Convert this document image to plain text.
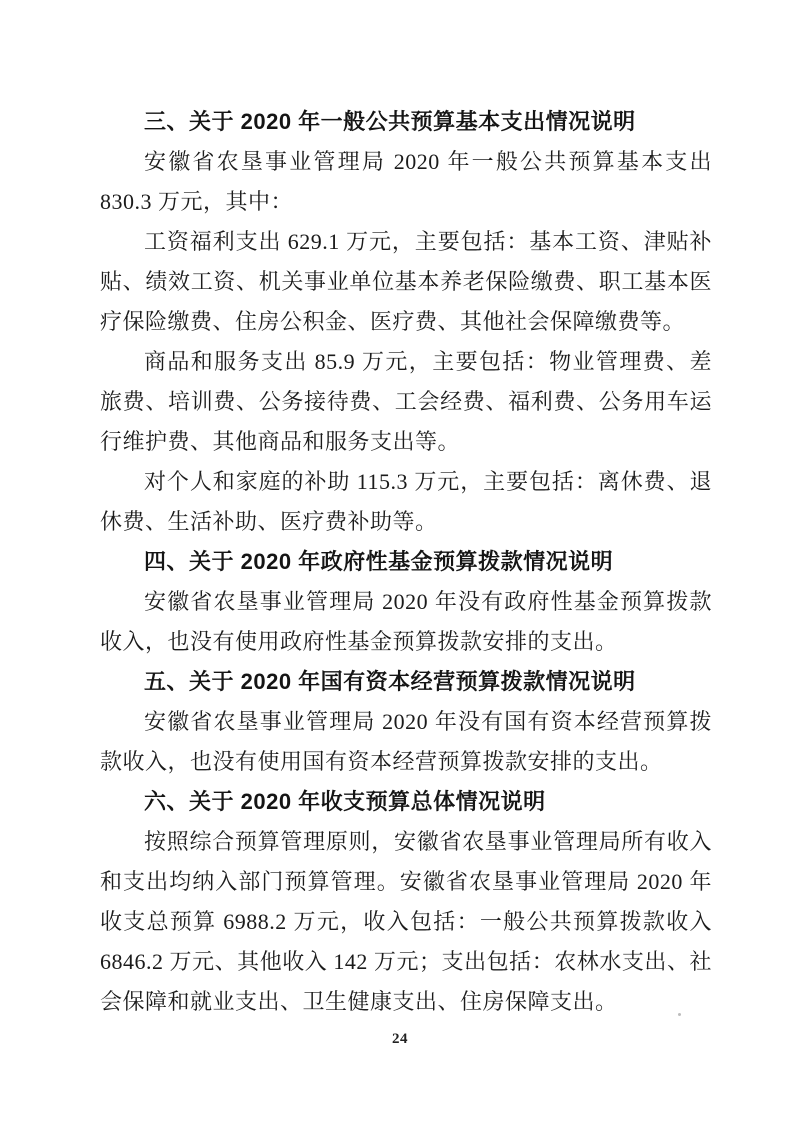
三、关于 2020 年一般公共预算基本支出情况说明

安徽省农垦事业管理局 2020 年一般公共预算基本支出 830.3 万元，其中：

工资福利支出 629.1 万元，主要包括：基本工资、津贴补贴、绩效工资、机关事业单位基本养老保险缴费、职工基本医疗保险缴费、住房公积金、医疗费、其他社会保障缴费等。

商品和服务支出 85.9 万元，主要包括：物业管理费、差旅费、培训费、公务接待费、工会经费、福利费、公务用车运行维护费、其他商品和服务支出等。

对个人和家庭的补助 115.3 万元，主要包括：离休费、退休费、生活补助、医疗费补助等。

四、关于 2020 年政府性基金预算拨款情况说明

安徽省农垦事业管理局 2020 年没有政府性基金预算拨款收入，也没有使用政府性基金预算拨款安排的支出。

五、关于 2020 年国有资本经营预算拨款情况说明

安徽省农垦事业管理局 2020 年没有国有资本经营预算拨款收入，也没有使用国有资本经营预算拨款安排的支出。

六、关于 2020 年收支预算总体情况说明

按照综合预算管理原则，安徽省农垦事业管理局所有收入和支出均纳入部门预算管理。安徽省农垦事业管理局 2020 年收支总预算 6988.2 万元，收入包括：一般公共预算拨款收入 6846.2 万元、其他收入 142 万元；支出包括：农林水支出、社会保障和就业支出、卫生健康支出、住房保障支出。

24
